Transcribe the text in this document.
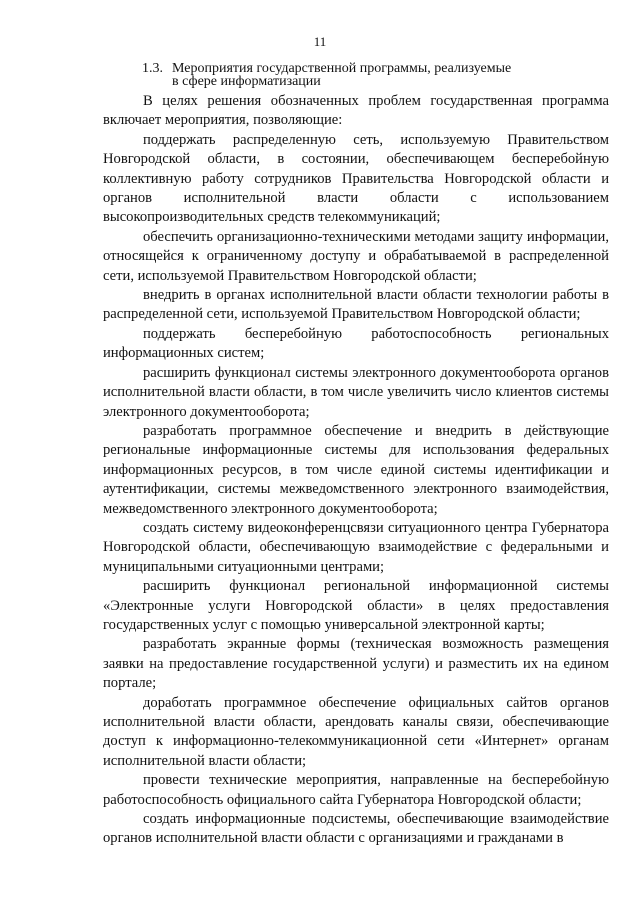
11
1.3. Мероприятия государственной программы, реализуемые
в сфере информатизации

В целях решения обозначенных проблем государственная программа включает мероприятия, позволяющие:

поддержать распределенную сеть, используемую Правительством Новгородской области, в состоянии, обеспечивающем бесперебойную коллективную работу сотрудников Правительства Новгородской области и органов исполнительной власти области с использованием высокопроизводительных средств телекоммуникаций;

обеспечить организационно-техническими методами защиту информации, относящейся к ограниченному доступу и обрабатываемой в распределенной сети, используемой Правительством Новгородской области;

внедрить в органах исполнительной власти области технологии работы в распределенной сети, используемой Правительством Новгородской области;

поддержать бесперебойную работоспособность региональных информационных систем;

расширить функционал системы электронного документооборота органов исполнительной власти области, в том числе увеличить число клиентов системы электронного документооборота;

разработать программное обеспечение и внедрить в действующие региональные информационные системы для использования федеральных информационных ресурсов, в том числе единой системы идентификации и аутентификации, системы межведомственного электронного взаимодействия, межведомственного электронного документооборота;

создать систему видеоконференцсвязи ситуационного центра Губернатора Новгородской области, обеспечивающую взаимодействие с федеральными и муниципальными ситуационными центрами;

расширить функционал региональной информационной системы «Электронные услуги Новгородской области» в целях предоставления государственных услуг с помощью универсальной электронной карты;

разработать экранные формы (техническая возможность размещения заявки на предоставление государственной услуги) и разместить их на едином портале;

доработать программное обеспечение официальных сайтов органов исполнительной власти области, арендовать каналы связи, обеспечивающие доступ к информационно-телекоммуникационной сети «Интернет» органам исполнительной власти области;

провести технические мероприятия, направленные на бесперебойную работоспособность официального сайта Губернатора Новгородской области;

создать информационные подсистемы, обеспечивающие взаимодействие органов исполнительной власти области с организациями и гражданами в
